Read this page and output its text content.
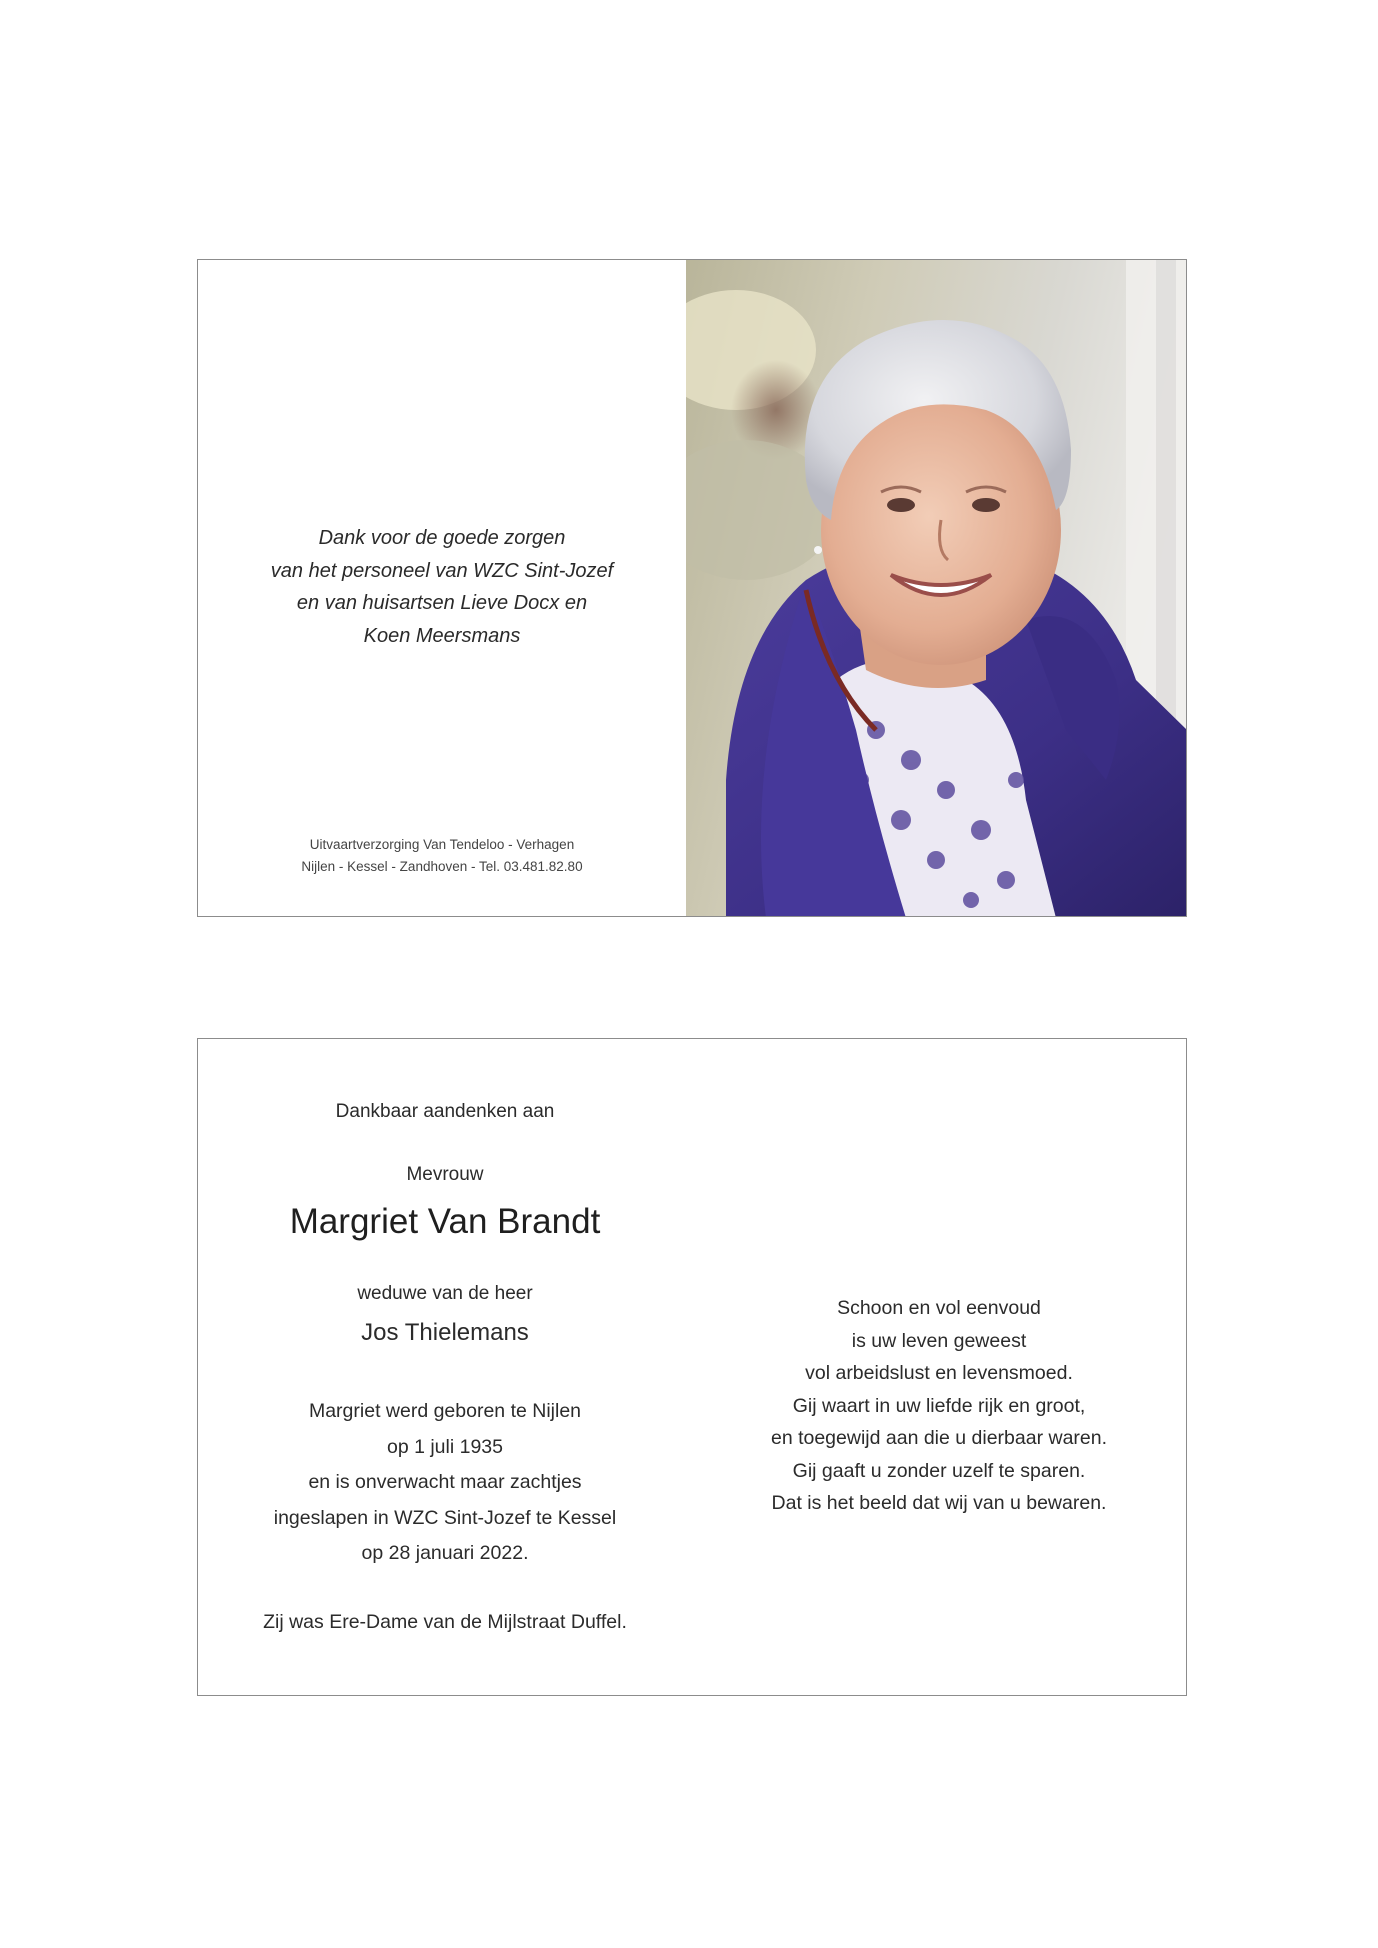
Dank voor de goede zorgen
van het personeel van WZC Sint-Jozef
en van huisartsen Lieve Docx en
Koen Meersmans
Uitvaartverzorging Van Tendeloo - Verhagen
Nijlen - Kessel - Zandhoven - Tel. 03.481.82.80
Dankbaar aandenken aan
Mevrouw
Margriet Van Brandt
weduwe van de heer
Jos Thielemans
Margriet werd geboren te Nijlen
op 1 juli 1935
en is onverwacht maar zachtjes
ingeslapen in WZC Sint-Jozef te Kessel
op 28 januari 2022.
Zij was Ere-Dame van de Mijlstraat Duffel.
Schoon en vol eenvoud
is uw leven geweest
vol arbeidslust en levensmoed.
Gij waart in uw liefde rijk en groot,
en toegewijd aan die u dierbaar waren.
Gij gaaft u zonder uzelf te sparen.
Dat is het beeld dat wij van u bewaren.
